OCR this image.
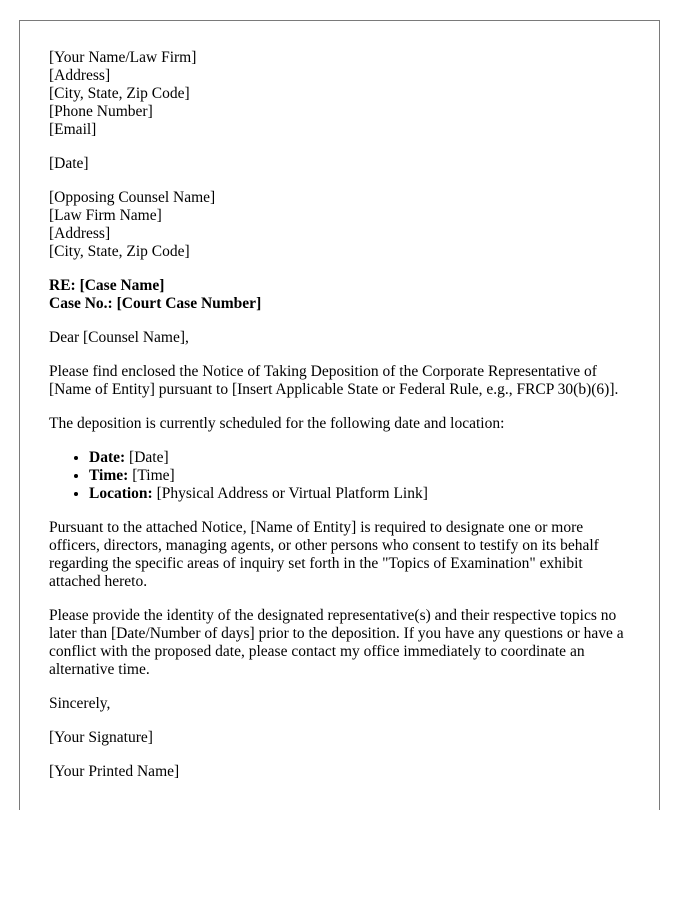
[Your Name/Law Firm]
[Address]
[City, State, Zip Code]
[Phone Number]
[Email]
[Date]
[Opposing Counsel Name]
[Law Firm Name]
[Address]
[City, State, Zip Code]
RE: [Case Name]
Case No.: [Court Case Number]

Dear [Counsel Name],

Please find enclosed the Notice of Taking Deposition of the Corporate Representative of [Name of Entity] pursuant to [Insert Applicable State or Federal Rule, e.g., FRCP 30(b)(6)].

The deposition is currently scheduled for the following date and location:

• Date: [Date]
• Time: [Time]
• Location: [Physical Address or Virtual Platform Link]

Pursuant to the attached Notice, [Name of Entity] is required to designate one or more officers, directors, managing agents, or other persons who consent to testify on its behalf regarding the specific areas of inquiry set forth in the "Topics of Examination" exhibit attached hereto.

Please provide the identity of the designated representative(s) and their respective topics no later than [Date/Number of days] prior to the deposition. If you have any questions or have a conflict with the proposed date, please contact my office immediately to coordinate an alternative time.

Sincerely,

[Your Signature]

[Your Printed Name]
